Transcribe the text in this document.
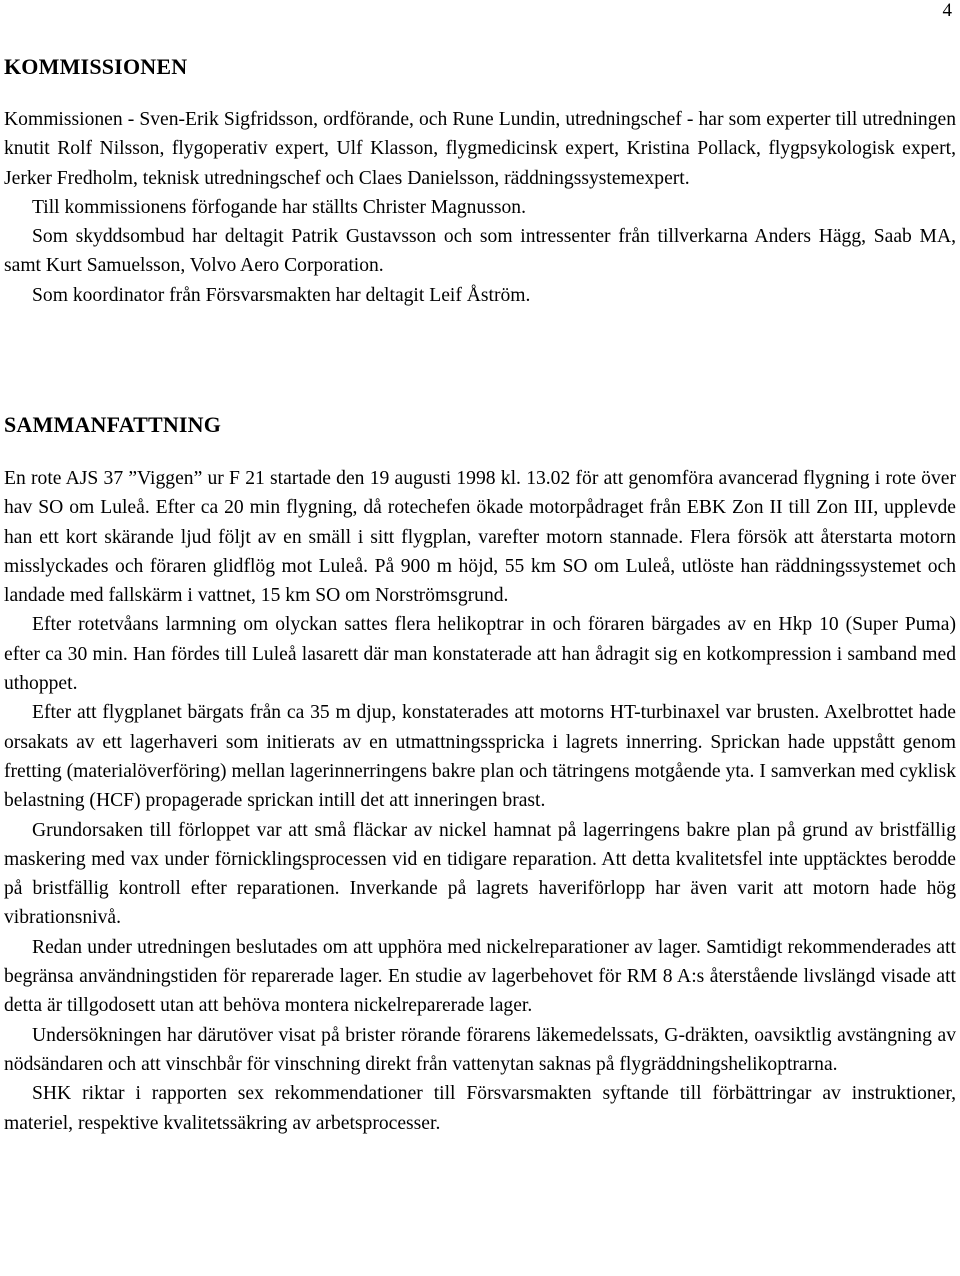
4
KOMMISSIONEN

Kommissionen - Sven-Erik Sigfridsson, ordförande, och Rune Lundin, utredningschef - har som experter till utredningen knutit Rolf Nilsson, flygoperativ expert, Ulf Klasson, flygmedicinsk expert, Kristina Pollack, flygpsykologisk expert, Jerker Fredholm, teknisk utredningschef och Claes Danielsson, räddningssystemexpert.

Till kommissionens förfogande har ställts Christer Magnusson.

Som skyddsombud har deltagit Patrik Gustavsson och som intressenter från tillverkarna Anders Hägg, Saab MA, samt Kurt Samuelsson, Volvo Aero Corporation.

Som koordinator från Försvarsmakten har deltagit Leif Åström.

SAMMANFATTNING

En rote AJS 37 ”Viggen” ur F 21 startade den 19 augusti 1998 kl. 13.02 för att genomföra avancerad flygning i rote över hav SO om Luleå. Efter ca 20 min flygning, då rotechefen ökade motorpådraget från EBK Zon II till Zon III, upplevde han ett kort skärande ljud följt av en smäll i sitt flygplan, varefter motorn stannade. Flera försök att återstarta motorn misslyckades och föraren glidflög mot Luleå. På 900 m höjd, 55 km SO om Luleå, utlöste han räddningssystemet och landade med fallskärm i vattnet, 15 km SO om Norströmsgrund.

Efter rotetvåans larmning om olyckan sattes flera helikoptrar in och föraren bärgades av en Hkp 10 (Super Puma) efter ca 30 min. Han fördes till Luleå lasarett där man konstaterade att han ådragit sig en kotkompression i samband med uthoppet.

Efter att flygplanet bärgats från ca 35 m djup, konstaterades att motorns HT-turbinaxel var brusten. Axelbrottet hade orsakats av ett lagerhaveri som initierats av en utmattningsspricka i lagrets innerring. Sprickan hade uppstått genom fretting (materialöverföring) mellan lagerinnerringens bakre plan och tätringens motgående yta. I samverkan med cyklisk belastning (HCF) propagerade sprickan intill det att inneringen brast.

Grundorsaken till förloppet var att små fläckar av nickel hamnat på lagerringens bakre plan på grund av bristfällig maskering med vax under förnicklingsprocessen vid en tidigare reparation. Att detta kvalitetsfel inte upptäcktes berodde på bristfällig kontroll efter reparationen. Inverkande på lagrets haveriförlopp har även varit att motorn hade hög vibrationsnivå.

Redan under utredningen beslutades om att upphöra med nickelreparationer av lager. Samtidigt rekommenderades att begränsa användningstiden för reparerade lager. En studie av lagerbehovet för RM 8 A:s återstående livslängd visade att detta är tillgodosett utan att behöva montera nickelreparerade lager.

Undersökningen har därutöver visat på brister rörande förarens läkemedelssats, G-dräkten, oavsiktlig avstängning av nödsändaren och att vinschbår för vinschning direkt från vattenytan saknas på flygräddningshelikoptrarna.

SHK riktar i rapporten sex rekommendationer till Försvarsmakten syftande till förbättringar av instruktioner, materiel, respektive kvalitetssäkring av arbetsprocesser.
